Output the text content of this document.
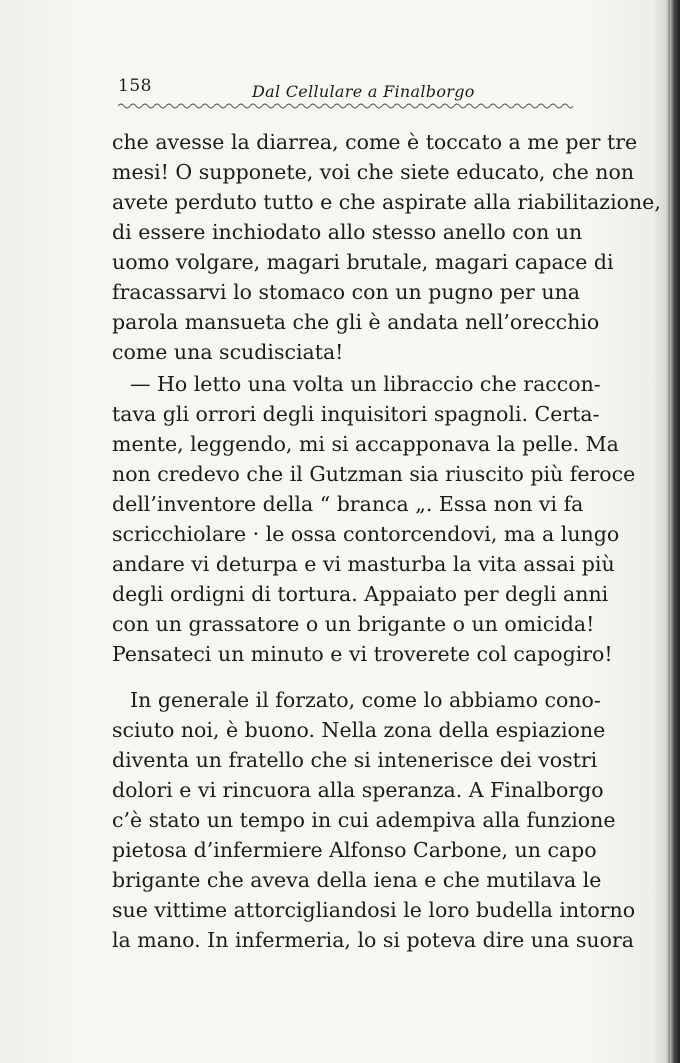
158	Dal Cellulare a Finalborgo
che avesse la diarrea, come è toccato a me per tre
mesi! O supponete, voi che siete educato, che non
avete perduto tutto e che aspirate alla riabilitazione,
di essere inchiodato allo stesso anello con un
uomo volgare, magari brutale, magari capace di
fracassarvi lo stomaco con un pugno per una
parola mansueta che gli è andata nell’orecchio
come una scudisciata!
— Ho letto una volta un libraccio che raccon-
tava gli orrori degli inquisitori spagnoli. Certa-
mente, leggendo, mi si accapponava la pelle. Ma
non credevo che il Gutzman sia riuscito più feroce
dell’inventore della “ branca „. Essa non vi fa
scricchiolare · le ossa contorcendovi, ma a lungo
andare vi deturpa e vi masturba la vita assai più
degli ordigni di tortura. Appaiato per degli anni
con un grassatore o un brigante o un omicida!
Pensateci un minuto e vi troverete col capogiro!
In generale il forzato, come lo abbiamo cono-
sciuto noi, è buono. Nella zona della espiazione
diventa un fratello che si intenerisce dei vostri
dolori e vi rincuora alla speranza. A Finalborgo
c’è stato un tempo in cui adempiva alla funzione
pietosa d’infermiere Alfonso Carbone, un capo
brigante che aveva della iena e che mutilava le
sue vittime attorcigliandosi le loro budella intorno
la mano. In infermeria, lo si poteva dire una suora
